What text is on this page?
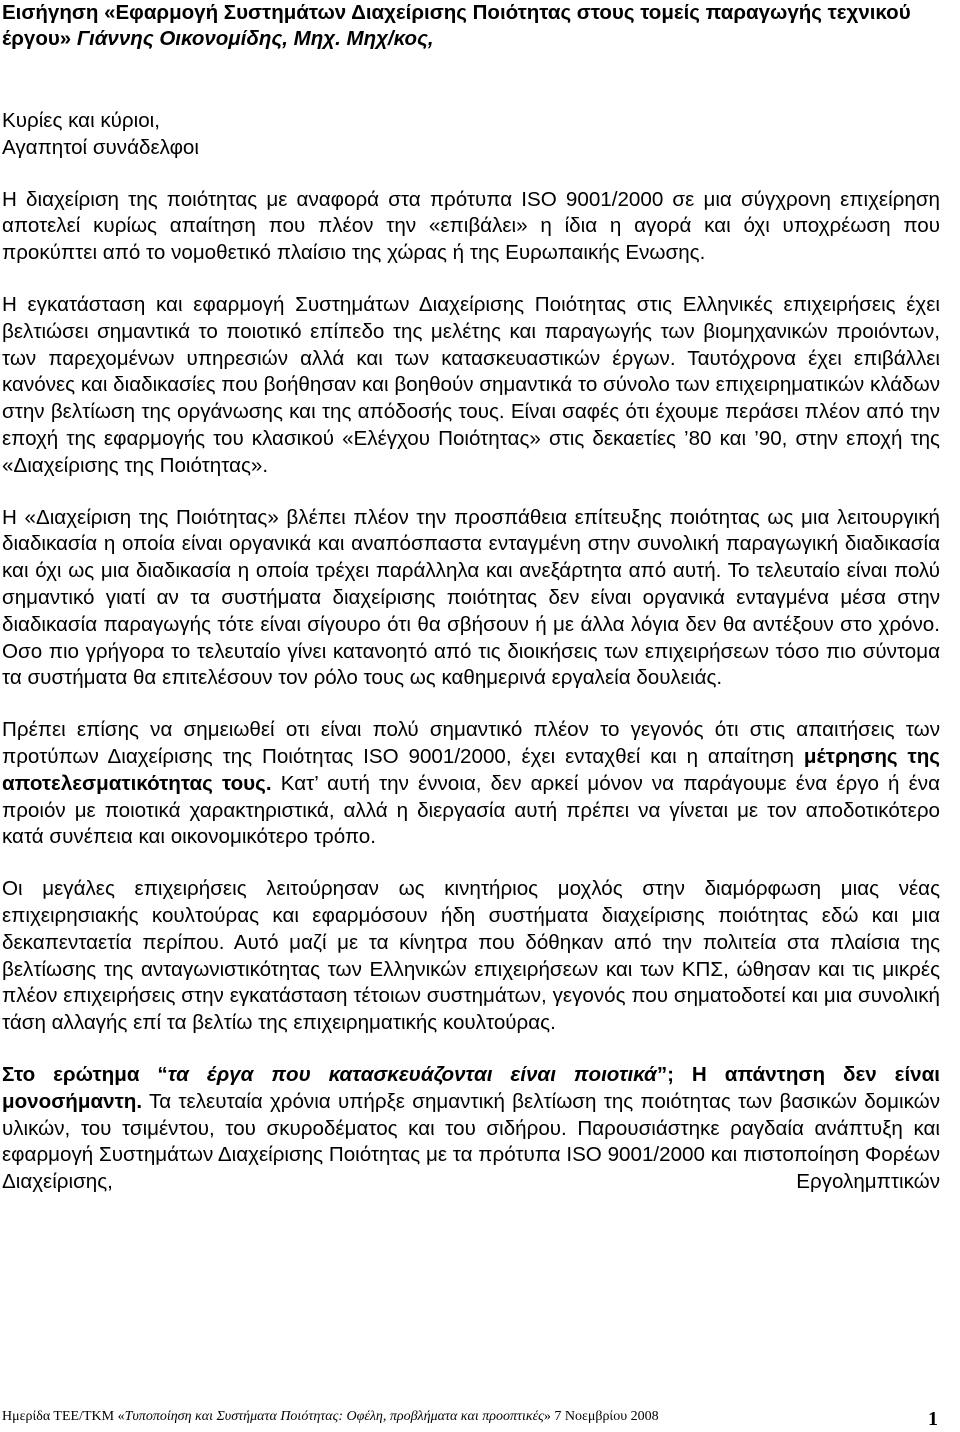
Εισήγηση «Εφαρμογή Συστημάτων Διαχείρισης Ποιότητας στους τομείς παραγωγής τεχνικού έργου» Γιάννης Οικονομίδης, Μηχ. Μηχ/κος,

Κυρίες και κύριοι,
Αγαπητοί συνάδελφοι

Η διαχείριση της ποιότητας με αναφορά στα πρότυπα ISO 9001/2000 σε μια σύγχρονη επιχείρηση αποτελεί κυρίως απαίτηση που πλέον την «επιβάλει» η ίδια η αγορά και όχι υποχρέωση που προκύπτει από το νομοθετικό πλαίσιο της χώρας ή της Ευρωπαικής Ενωσης.

Η εγκατάσταση και εφαρμογή Συστημάτων Διαχείρισης Ποιότητας στις Ελληνικές επιχειρήσεις έχει βελτιώσει σημαντικά το ποιοτικό επίπεδο της μελέτης και παραγωγής των βιομηχανικών προιόντων, των παρεχομένων υπηρεσιών αλλά και των κατασκευαστικών έργων. Ταυτόχρονα έχει επιβάλλει κανόνες και διαδικασίες που βοήθησαν και βοηθούν σημαντικά το σύνολο των επιχειρηματικών κλάδων στην βελτίωση της οργάνωσης και της απόδοσής τους. Είναι σαφές ότι έχουμε περάσει πλέον από την εποχή της εφαρμογής του κλασικού «Ελέγχου Ποιότητας» στις δεκαετίες ’80 και ’90, στην εποχή της «Διαχείρισης της Ποιότητας».

Η «Διαχείριση της Ποιότητας» βλέπει πλέον την προσπάθεια επίτευξης ποιότητας ως μια λειτουργική διαδικασία η οποία είναι οργανικά και αναπόσπαστα ενταγμένη στην συνολική παραγωγική διαδικασία και όχι ως μια διαδικασία η οποία τρέχει παράλληλα και ανεξάρτητα από αυτή. Το τελευταίο είναι πολύ σημαντικό γιατί αν τα συστήματα διαχείρισης ποιότητας δεν είναι οργανικά ενταγμένα μέσα στην διαδικασία παραγωγής τότε είναι σίγουρο ότι θα σβήσουν ή με άλλα λόγια δεν θα αντέξουν στο χρόνο. Οσο πιο γρήγορα το τελευταίο γίνει κατανοητό από τις διοικήσεις των επιχειρήσεων τόσο πιο σύντομα τα συστήματα θα επιτελέσουν τον ρόλο τους ως καθημερινά εργαλεία δουλειάς.

Πρέπει επίσης να σημειωθεί οτι είναι πολύ σημαντικό πλέον το γεγονός ότι στις απαιτήσεις των προτύπων Διαχείρισης της Ποιότητας ISO 9001/2000, έχει ενταχθεί και η απαίτηση μέτρησης της αποτελεσματικότητας τους. Κατ’ αυτή την έννοια, δεν αρκεί μόνον να παράγουμε ένα έργο ή ένα προιόν με ποιοτικά χαρακτηριστικά, αλλά η διεργασία αυτή πρέπει να γίνεται με τον αποδοτικότερο κατά συνέπεια και οικονομικότερο τρόπο.

Οι μεγάλες επιχειρήσεις λειτούρησαν ως κινητήριος μοχλός στην διαμόρφωση μιας νέας επιχειρησιακής κουλτούρας και εφαρμόσουν ήδη συστήματα διαχείρισης ποιότητας εδώ και μια δεκαπενταετία περίπου. Αυτό μαζί με τα κίνητρα που δόθηκαν από την πολιτεία στα πλαίσια της βελτίωσης της ανταγωνιστικότητας των Ελληνικών επιχειρήσεων και των ΚΠΣ, ώθησαν και τις μικρές πλέον επιχειρήσεις στην εγκατάσταση τέτοιων συστημάτων, γεγονός που σηματοδοτεί και μια συνολική τάση αλλαγής επί τα βελτίω της επιχειρηματικής κουλτούρας.

Στο ερώτημα “τα έργα που κατασκευάζονται είναι ποιοτικά”; Η απάντηση δεν είναι μονοσήμαντη. Τα τελευταία χρόνια υπήρξε σημαντική βελτίωση της ποιότητας των βασικών δομικών υλικών, του τσιμέντου, του σκυροδέματος και του σιδήρου. Παρουσιάστηκε ραγδαία ανάπτυξη και εφαρμογή Συστημάτων Διαχείρισης Ποιότητας με τα πρότυπα ISO 9001/2000 και πιστοποίηση Φορέων Διαχείρισης, Εργολημπτικών

Ημερίδα ΤΕΕ/ΤΚΜ «Τυποποίηση και Συστήματα Ποιότητας: Οφέλη, προβλήματα και προοπτικές» 7 Νοεμβρίου 2008	1
